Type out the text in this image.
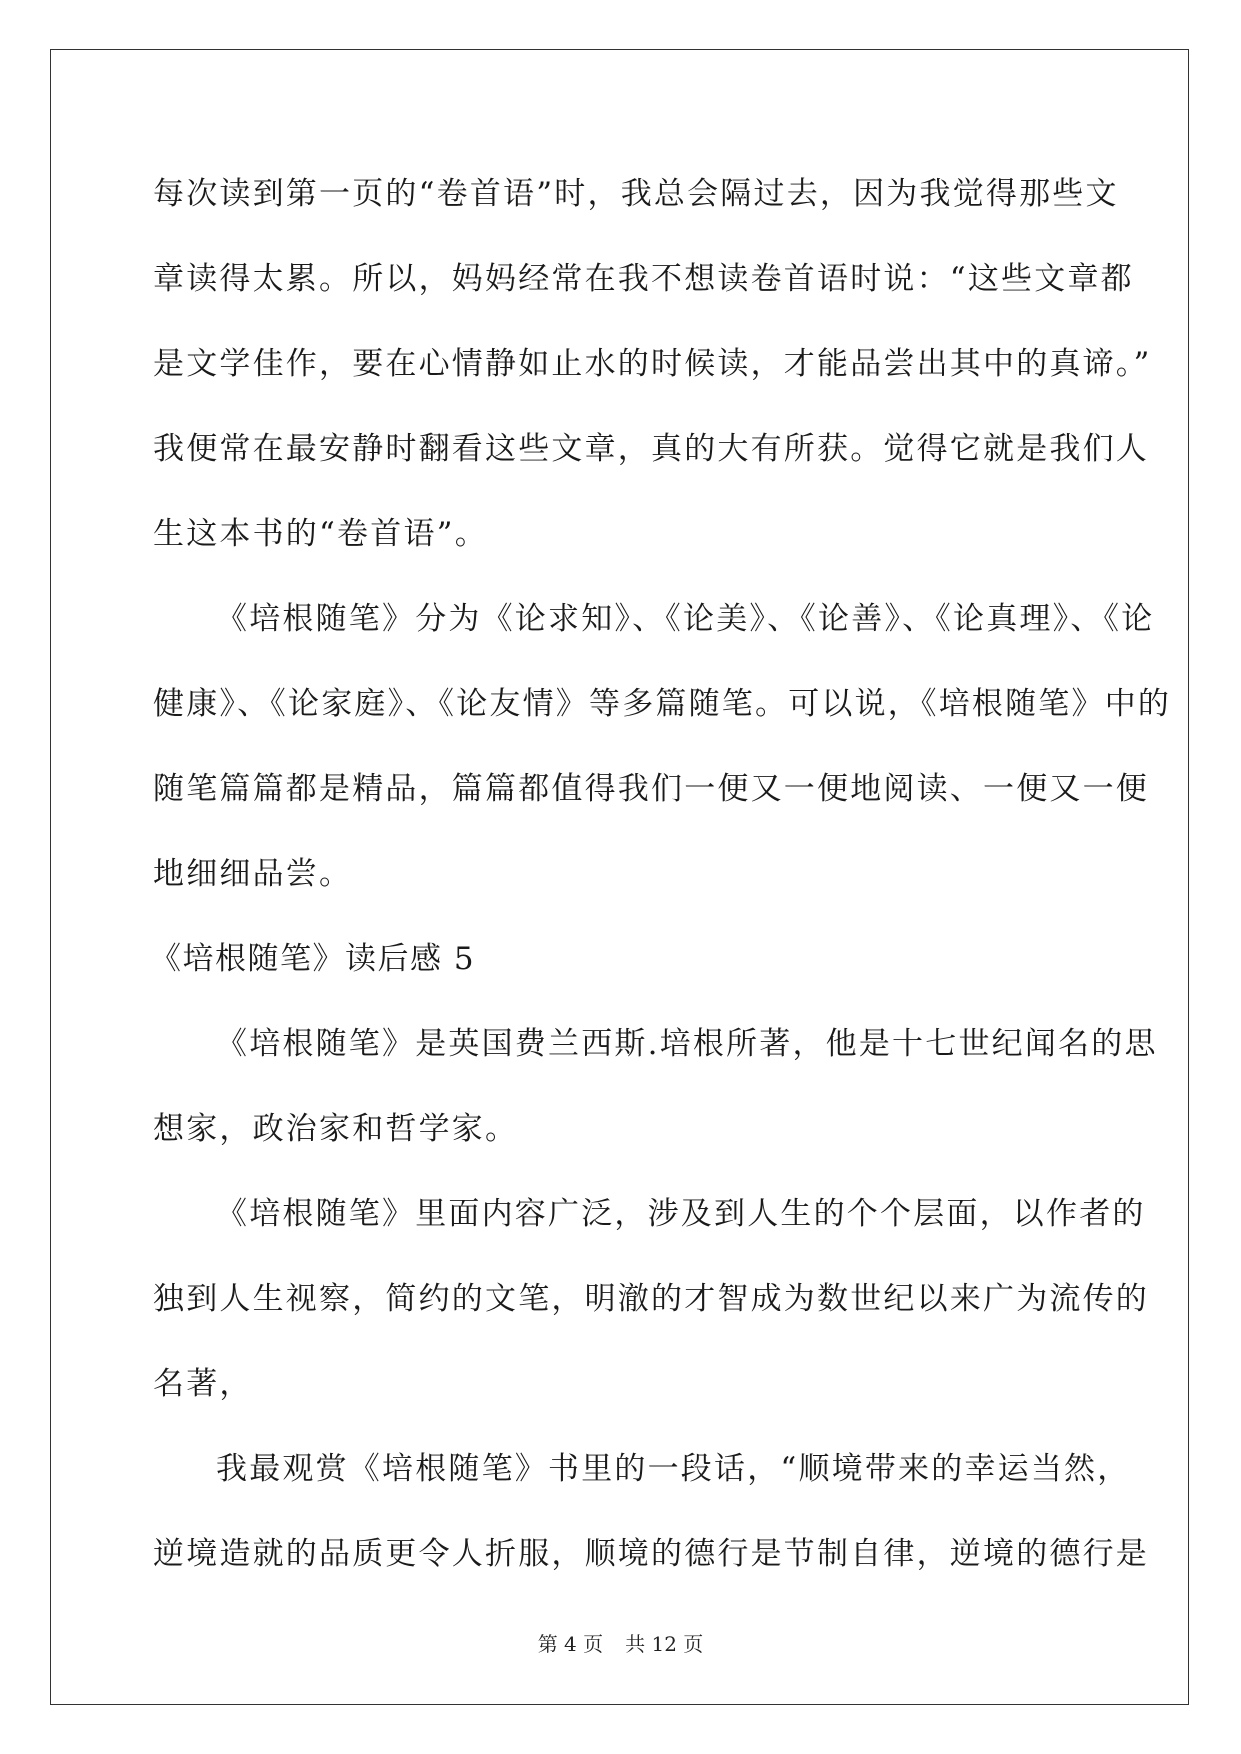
每次读到第一页的“卷首语”时，我总会隔过去，因为我觉得那些文
章读得太累。所以，妈妈经常在我不想读卷首语时说：“这些文章都
是文学佳作，要在心情静如止水的时候读，才能品尝出其中的真谛。”
我便常在最安静时翻看这些文章，真的大有所获。觉得它就是我们人
生这本书的“卷首语”。
《培根随笔》分为《论求知》、《论美》、《论善》、《论真理》、《论
健康》、《论家庭》、《论友情》等多篇随笔。可以说，《培根随笔》中的
随笔篇篇都是精品，篇篇都值得我们一便又一便地阅读、一便又一便
地细细品尝。
《培根随笔》读后感 5
《培根随笔》是英国费兰西斯.培根所著，他是十七世纪闻名的思
想家，政治家和哲学家。
《培根随笔》里面内容广泛，涉及到人生的个个层面，以作者的
独到人生视察，简约的文笔，明澈的才智成为数世纪以来广为流传的
名著，
我最观赏《培根随笔》书里的一段话，“顺境带来的幸运当然，
逆境造就的品质更令人折服，顺境的德行是节制自律，逆境的德行是
第 4 页 共 12 页
